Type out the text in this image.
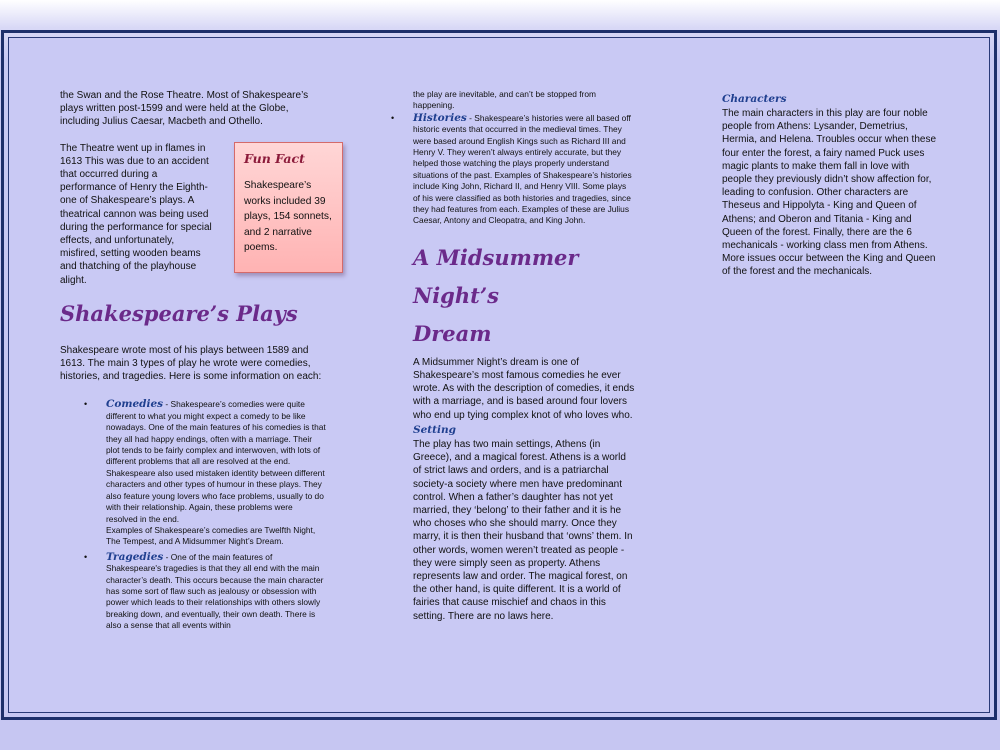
the Swan and the Rose Theatre. Most of Shakespeare’s plays written post-1599 and were held at the Globe, including Julius Caesar, Macbeth and Othello.

The Theatre went up in flames in 1613 This was due to an accident that occurred during a performance of Henry the Eighth- one of Shakespeare’s plays. A theatrical cannon was being used during the performance for special effects, and unfortunately, misfired, setting wooden beams and thatching of the playhouse alight.

Shakespeare’s Plays

Shakespeare wrote most of his plays between 1589 and 1613. The main 3 types of play he wrote were comedies, histories, and tragedies. Here is some information on each:

• Comedies - Shakespeare’s comedies were quite different to what you might expect a comedy to be like nowadays. One of the main features of his comedies is that they all had happy endings, often with a marriage. Their plot tends to be fairly complex and interwoven, with lots of different problems that all are resolved at the end. Shakespeare also used mistaken identity between different characters and other types of humour in these plays. They also feature young lovers who face problems, usually to do with their relationship. Again, these problems were resolved in the end.

Examples of Shakespeare’s comedies are Twelfth Night, The Tempest, and A Midsummer Night’s Dream.

• Tragedies - One of the main features of Shakespeare's tragedies is that they all end with the main character’s death. This occurs because the main character has some sort of flaw such as jealousy or obsession with power which leads to their relationships with others slowly breaking down, and eventually, their own death. There is also a sense that all events within

Fun Fact

Shakespeare’s works included 39 plays, 154 sonnets, and 2 narrative poems.

the play are inevitable, and can’t be stopped from happening.

• Histories - Shakespeare’s histories were all based off historic events that occurred in the medieval times. They were based around English Kings such as Richard III and Henry V. They weren’t always entirely accurate, but they helped those watching the plays properly understand situations of the past. Examples of Shakespeare’s histories include King John, Richard II, and Henry VIII. Some plays of his were classified as both histories and tragedies, since they had features from each. Examples of these are Julius Caesar, Antony and Cleopatra, and King John.

A Midsummer Night’s
Dream

A Midsummer Night’s dream is one of Shakespeare’s most famous comedies he ever wrote. As with the description of comedies, it ends with a marriage, and is based around four lovers who end up tying complex knot of who loves who.

Setting

The play has two main settings, Athens (in Greece), and a magical forest. Athens is a world of strict laws and orders, and is a patriarchal society-a society where men have predominant control. When a father’s daughter has not yet married, they ‘belong’ to their father and it is he who choses who she should marry. Once they marry, it is then their husband that ‘owns’ them. In other words, women weren’t treated as people - they were simply seen as property. Athens represents law and order. The magical forest, on the other hand, is quite different. It is a world of fairies that cause mischief and chaos in this setting. There are no laws here.

Characters

The main characters in this play are four noble people from Athens: Lysander, Demetrius, Hermia, and Helena. Troubles occur when these four enter the forest, a fairy named Puck uses magic plants to make them fall in love with people they previously didn’t show affection for, leading to confusion. Other characters are Theseus and Hippolyta - King and Queen of Athens; and Oberon and Titania - King and Queen of the forest. Finally, there are the 6 mechanicals - working class men from Athens. More issues occur between the King and Queen of the forest and the mechanicals.
